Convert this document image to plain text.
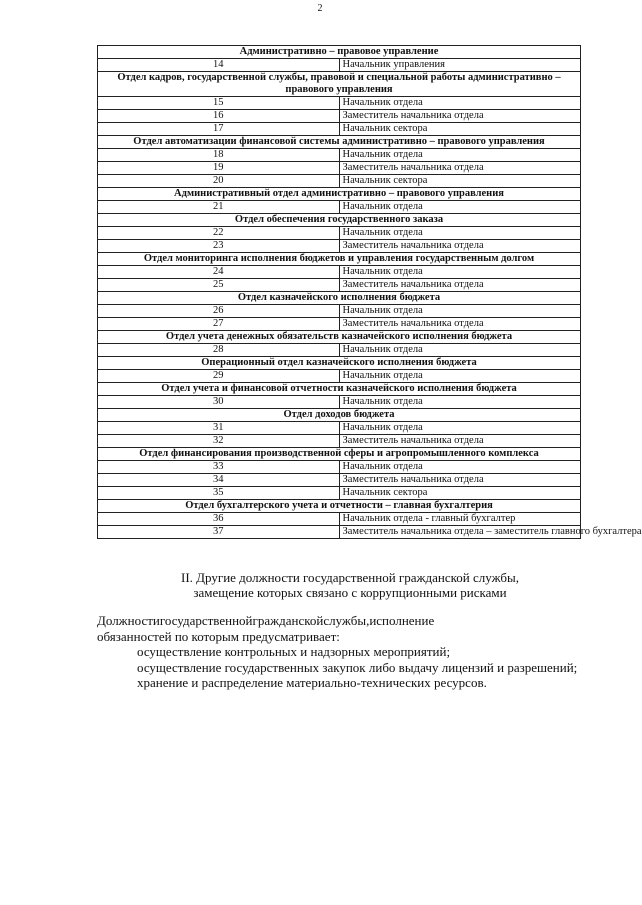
2
Административно – правовое управление	
14	Начальник управления
Отдел кадров, государственной службы, правовой и специальной работы административно – правового управления	
15	Начальник отдела
16	Заместитель начальника отдела
17	Начальник сектора
Отдел автоматизации финансовой системы административно – правового управления	
18	Начальник отдела
19	Заместитель начальника отдела
20	Начальник сектора
Административный отдел административно – правового управления	
21	Начальник отдела
Отдел обеспечения государственного заказа	
22	Начальник отдела
23	Заместитель начальника отдела
Отдел мониторинга исполнения бюджетов и управления государственным долгом	
24	Начальник отдела
25	Заместитель начальника отдела
Отдел казначейского исполнения бюджета	
26	Начальник отдела
27	Заместитель начальника отдела
Отдел учета денежных обязательств казначейского исполнения бюджета	
28	Начальник отдела
Операционный отдел казначейского исполнения бюджета	
29	Начальник отдела
Отдел учета и финансовой отчетности казначейского исполнения бюджета	
30	Начальник отдела
Отдел доходов бюджета	
31	Начальник отдела
32	Заместитель начальника отдела
Отдел финансирования производственной сферы и агропромышленного комплекса	
33	Начальник отдела
34	Заместитель начальника отдела
35	Начальник сектора
Отдел бухгалтерского учета и отчетности – главная бухгалтерия	
36	Начальник отдела - главный бухгалтер
37	Заместитель начальника отдела – заместитель главного бухгалтера
II. Другие должности государственной гражданской службы,
замещение которых связано с коррупционными рисками
Должностигосударственнойгражданскойслужбы,исполнение

обязанностей по которым предусматривает:

осуществление контрольных и надзорных мероприятий;

осуществление государственных закупок либо выдачу лицензий и разрешений;

хранение и распределение материально-технических ресурсов.
